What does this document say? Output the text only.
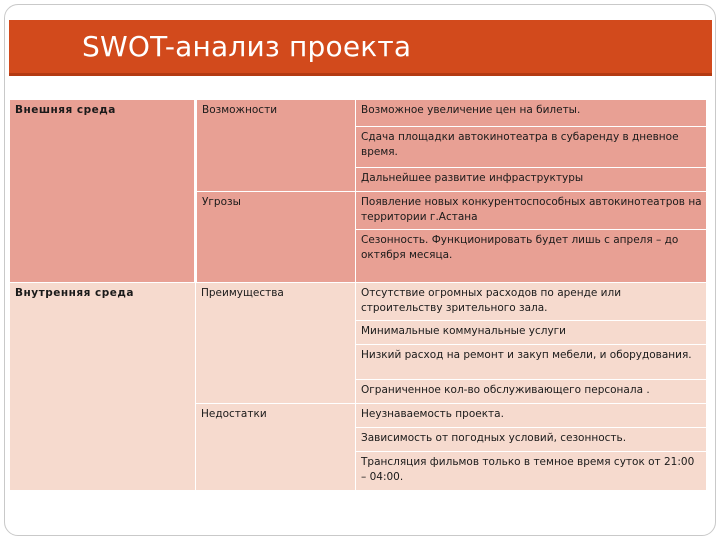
SWOT-анализ проекта
Внешняя среда	Возможности	Возможное увеличение цен на билеты.
		Сдача площадки автокинотеатра в субаренду в дневное время.
		Дальнейшее развитие инфраструктуры
	Угрозы	Появление новых конкурентоспособных автокинотеатров на территории г.Астана
		Сезонность. Функционировать будет лишь с апреля – до октября месяца.
Внутренняя среда	Преимущества	Отсутствие огромных расходов по аренде или строительству зрительного зала.
		Минимальные коммунальные услуги
		Низкий расход на ремонт и закуп мебели, и оборудования.
		Ограниченное кол-во обслуживающего персонала .
	Недостатки	Неузнаваемость проекта.
		Зависимость от погодных условий, сезонность.
		Трансляция фильмов только в темное время суток от 21:00 – 04:00.
